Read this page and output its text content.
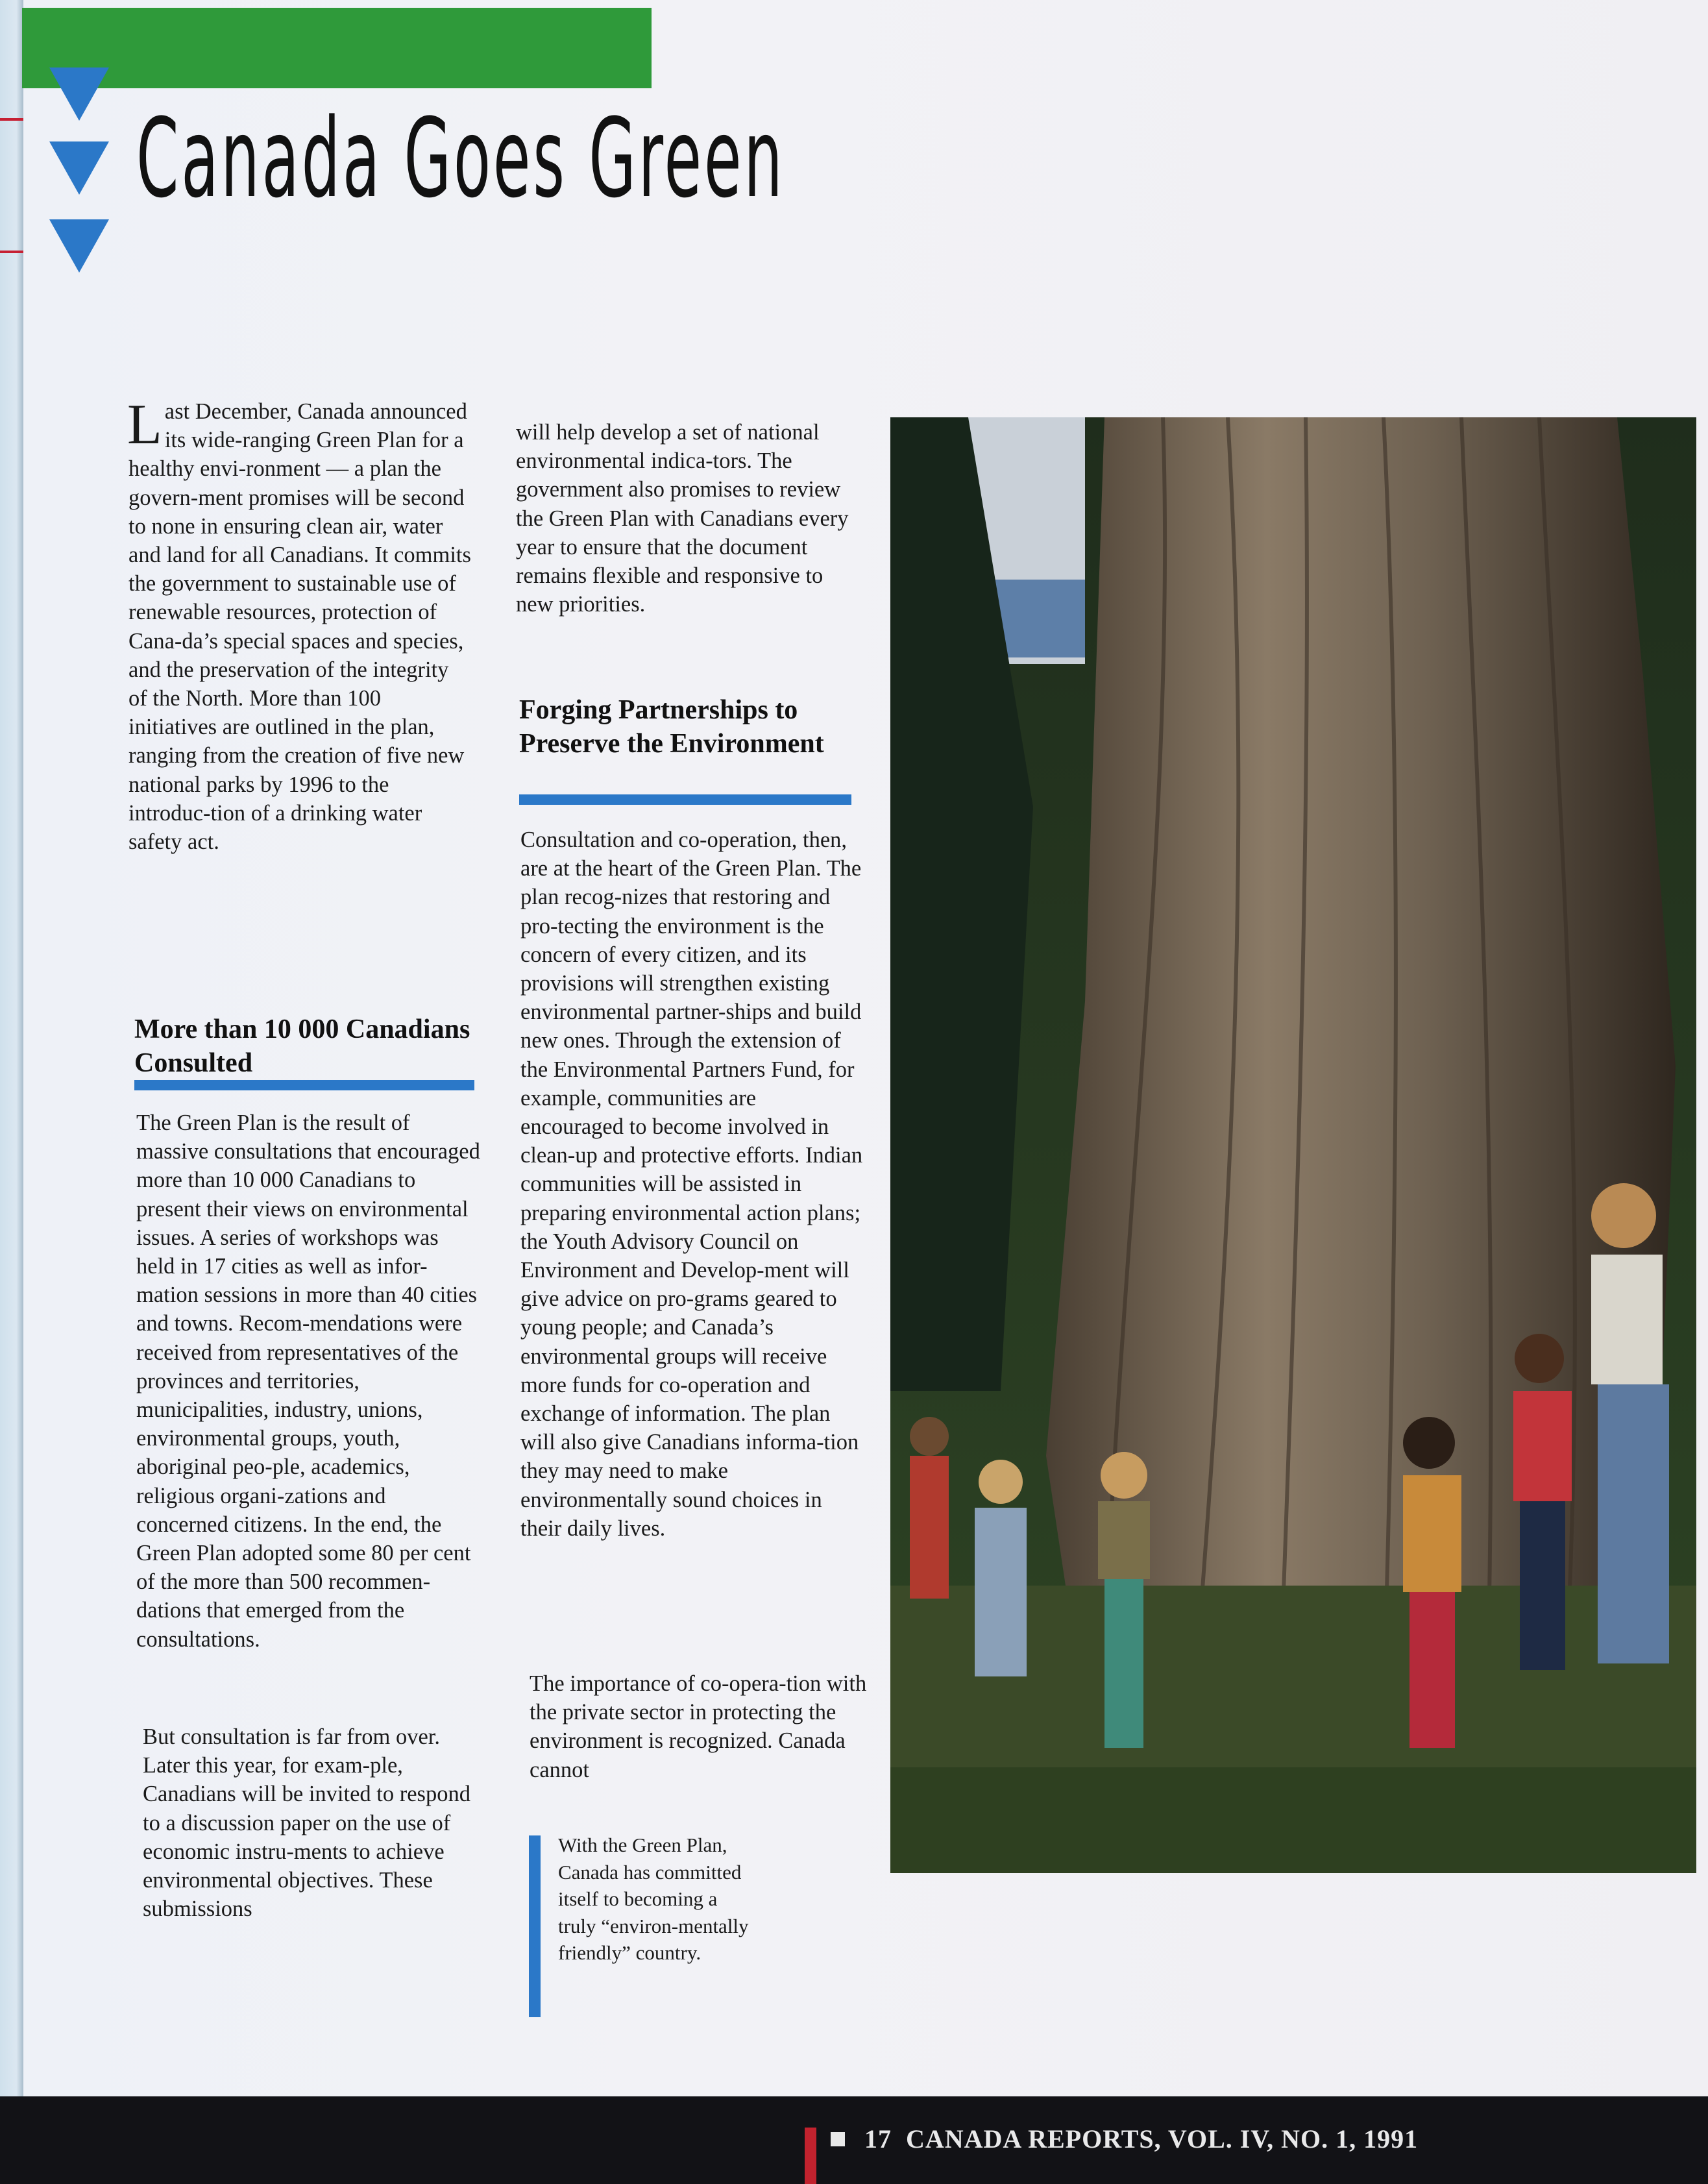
Canada Goes Green
Last December, Canada announced its wide-ranging Green Plan for a healthy envi-ronment — a plan the govern-ment promises will be second to none in ensuring clean air, water and land for all Canadians. It commits the government to sustainable use of renewable resources, protection of Cana-da’s special spaces and species, and the preservation of the integrity of the North. More than 100 initiatives are outlined in the plan, ranging from the creation of five new national parks by 1996 to the introduc-tion of a drinking water safety act.
More than 10 000 Canadians Consulted
The Green Plan is the result of massive consultations that encouraged more than 10 000 Canadians to present their views on environmental issues. A series of workshops was held in 17 cities as well as infor-mation sessions in more than 40 cities and towns. Recom-mendations were received from representatives of the provinces and territories, municipalities, industry, unions, environmental groups, youth, aboriginal peo-ple, academics, religious organi-zations and concerned citizens. In the end, the Green Plan adopted some 80 per cent of the more than 500 recommen-dations that emerged from the consultations.
But consultation is far from over. Later this year, for exam-ple, Canadians will be invited to respond to a discussion paper on the use of economic instru-ments to achieve environmental objectives. These submissions
will help develop a set of national environmental indica-tors. The government also promises to review the Green Plan with Canadians every year to ensure that the document remains flexible and responsive to new priorities.
Forging Partnerships to Preserve the Environment
Consultation and co-operation, then, are at the heart of the Green Plan. The plan recog-nizes that restoring and pro-tecting the environment is the concern of every citizen, and its provisions will strengthen existing environmental partner-ships and build new ones. Through the extension of the Environmental Partners Fund, for example, communities are encouraged to become involved in clean-up and protective efforts. Indian communities will be assisted in preparing environmental action plans; the Youth Advisory Council on Environment and Develop-ment will give advice on pro-grams geared to young people; and Canada’s environmental groups will receive more funds for co-operation and exchange of information. The plan will also give Canadians informa-tion they may need to make environmentally sound choices in their daily lives.
The importance of co-opera-tion with the private sector in protecting the environment is recognized. Canada cannot
With the Green Plan, Canada has committed itself to becoming a truly “environ-mentally friendly” country.
17 CANADA REPORTS, VOL. IV, NO. 1, 1991
